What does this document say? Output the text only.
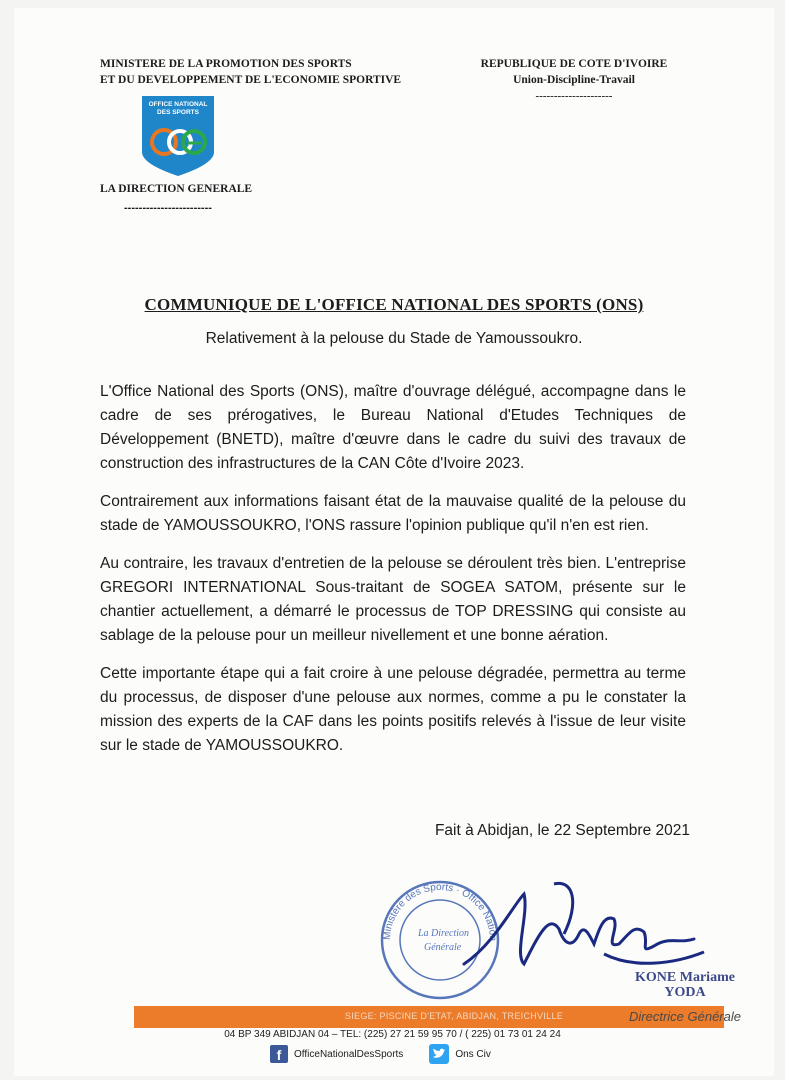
MINISTERE DE LA PROMOTION DES SPORTS
ET DU DEVELOPPEMENT DE L'ECONOMIE SPORTIVE
REPUBLIQUE DE COTE D'IVOIRE
Union-Discipline-Travail
---------------------
OFFICE NATIONAL
DES SPORTS
LA DIRECTION GENERALE
------------------------
COMMUNIQUE DE L'OFFICE NATIONAL DES SPORTS (ONS)
Relativement à la pelouse du Stade de Yamoussoukro.

L'Office National des Sports (ONS), maître d'ouvrage délégué, accompagne dans le cadre de ses prérogatives, le Bureau National d'Etudes Techniques de Développement (BNETD), maître d'œuvre dans le cadre du suivi des travaux de construction des infrastructures de la CAN Côte d'Ivoire 2023.

Contrairement aux informations faisant état de la mauvaise qualité de la pelouse du stade de YAMOUSSOUKRO, l'ONS rassure l'opinion publique qu'il n'en est rien.

Au contraire, les travaux d'entretien de la pelouse se déroulent très bien. L'entreprise GREGORI INTERNATIONAL Sous-traitant de SOGEA SATOM, présente sur le chantier actuellement, a démarré le processus de TOP DRESSING qui consiste au sablage de la pelouse pour un meilleur nivellement et une bonne aération.

Cette importante étape qui a fait croire à une pelouse dégradée, permettra au terme du processus, de disposer d'une pelouse aux normes, comme a pu le constater la mission des experts de la CAF dans les points positifs relevés à l'issue de leur visite sur le stade de YAMOUSSOUKRO.

Fait à Abidjan, le 22 Septembre 2021
SIEGE: PISCINE D'ETAT, ABIDJAN, TREICHVILLE
La Direction
Générale
Ministère des Sports · Office Nation
KONE Mariame
YODA
Directrice Générale
04 BP 349 ABIDJAN 04 – TEL: (225) 27 21 59 95 70 / ( 225) 01 73 01 24 24
f	OfficeNationalDesSports	Ons Civ
